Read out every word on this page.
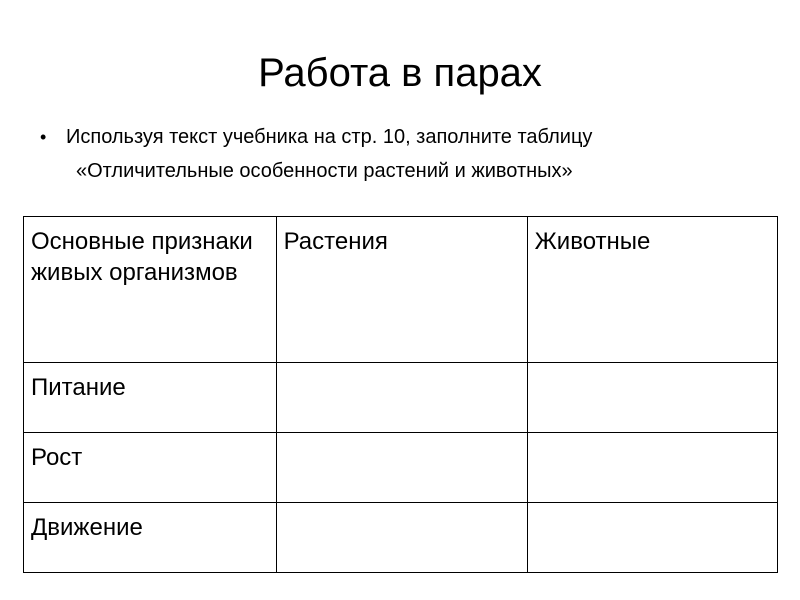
Работа в парах
• Используя текст учебника на стр. 10, заполните таблицу
«Отличительные особенности растений и животных»
Основные признаки живых организмов	Растения	Животные
Питание		
Рост		
Движение		
